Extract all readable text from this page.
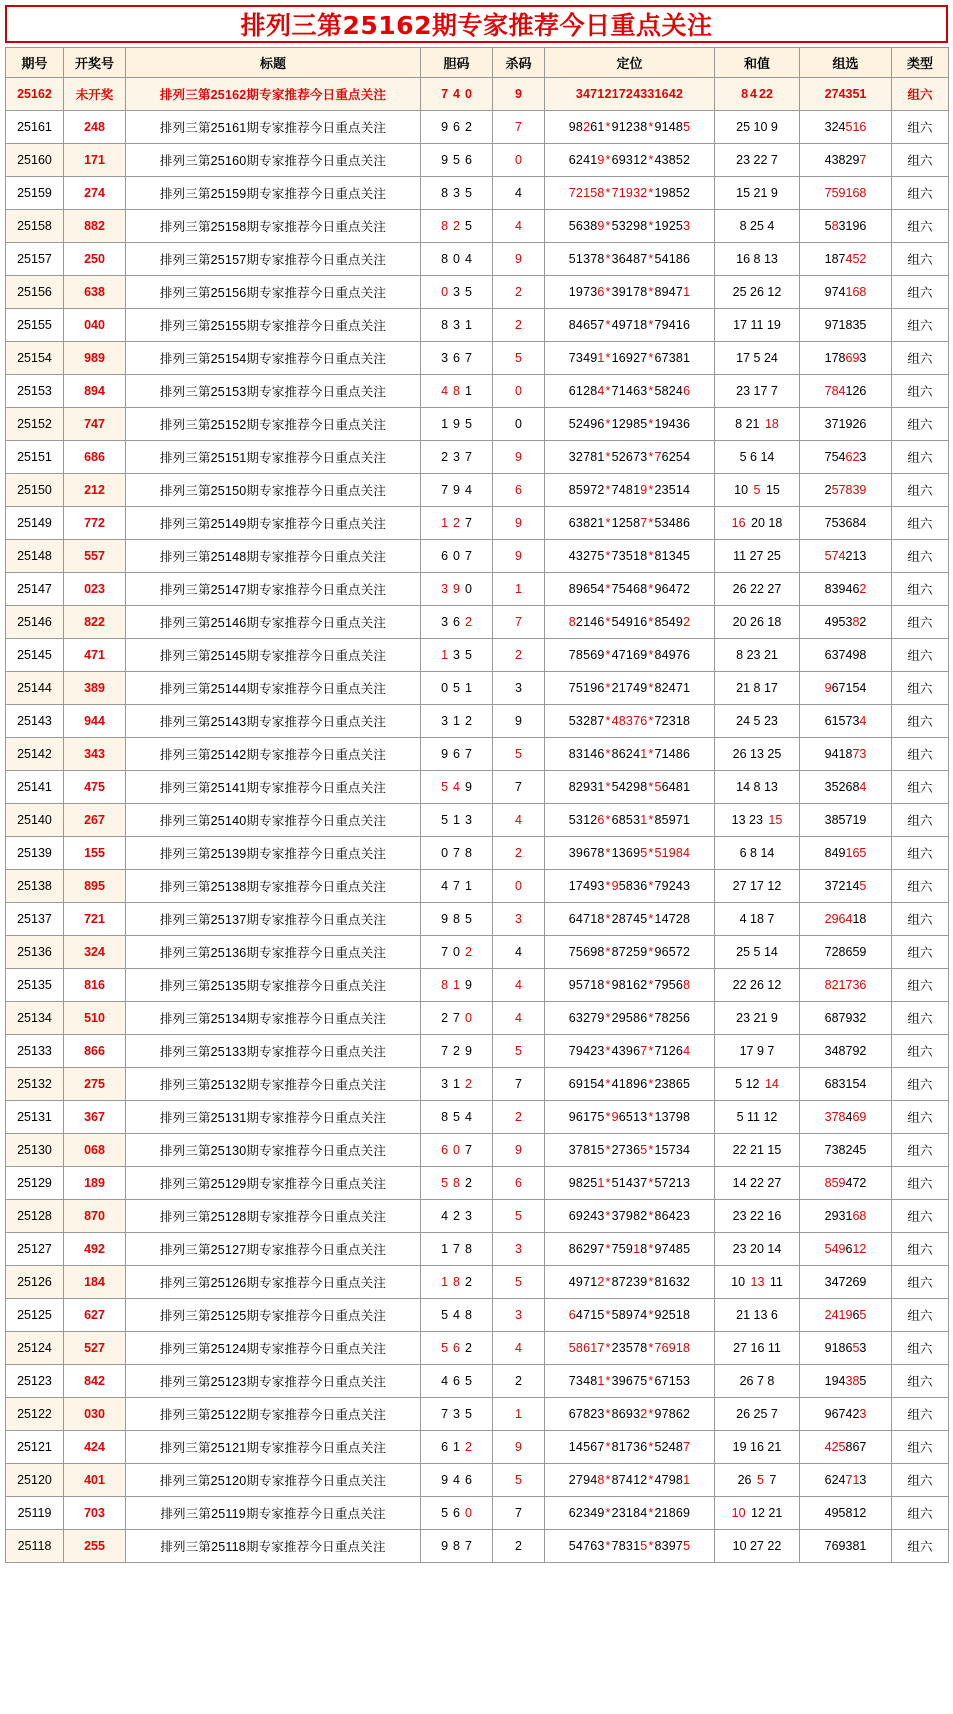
排列三第25162期专家推荐今日重点关注
期号	开奖号	标题	胆码	杀码	定位	和值	组选	类型
25162	未开奖	排列三第25162期专家推荐今日重点关注	7 4 0	9	347121724331642	8 4 22	274351	组六
25161	248	排列三第25161期专家推荐今日重点关注	9 6 2	7	98261*91238*91485	25 10 9	324516	组六
25160	171	排列三第25160期专家推荐今日重点关注	9 5 6	0	62419*69312*43852	23 22 7	438297	组六
25159	274	排列三第25159期专家推荐今日重点关注	8 3 5	4	72158*71932*19852	15 21 9	759168	组六
25158	882	排列三第25158期专家推荐今日重点关注	8 2 5	4	56389*53298*19253	8 25 4	583196	组六
25157	250	排列三第25157期专家推荐今日重点关注	8 0 4	9	51378*36487*54186	16 8 13	187452	组六
25156	638	排列三第25156期专家推荐今日重点关注	0 3 5	2	19736*39178*89471	25 26 12	974168	组六
25155	040	排列三第25155期专家推荐今日重点关注	8 3 1	2	84657*49718*79416	17 11 19	971835	组六
25154	989	排列三第25154期专家推荐今日重点关注	3 6 7	5	73491*16927*67381	17 5 24	178693	组六
25153	894	排列三第25153期专家推荐今日重点关注	4 8 1	0	61284*71463*58246	23 17 7	784126	组六
25152	747	排列三第25152期专家推荐今日重点关注	1 9 5	0	52496*12985*19436	8 21 18	371926	组六
25151	686	排列三第25151期专家推荐今日重点关注	2 3 7	9	32781*52673*76254	5 6 14	754623	组六
25150	212	排列三第25150期专家推荐今日重点关注	7 9 4	6	85972*74819*23514	10 5 15	257839	组六
25149	772	排列三第25149期专家推荐今日重点关注	1 2 7	9	63821*12587*53486	16 20 18	753684	组六
25148	557	排列三第25148期专家推荐今日重点关注	6 0 7	9	43275*73518*81345	11 27 25	574213	组六
25147	023	排列三第25147期专家推荐今日重点关注	3 9 0	1	89654*75468*96472	26 22 27	839462	组六
25146	822	排列三第25146期专家推荐今日重点关注	3 6 2	7	82146*54916*85492	20 26 18	495382	组六
25145	471	排列三第25145期专家推荐今日重点关注	1 3 5	2	78569*47169*84976	8 23 21	637498	组六
25144	389	排列三第25144期专家推荐今日重点关注	0 5 1	3	75196*21749*82471	21 8 17	967154	组六
25143	944	排列三第25143期专家推荐今日重点关注	3 1 2	9	53287*48376*72318	24 5 23	615734	组六
25142	343	排列三第25142期专家推荐今日重点关注	9 6 7	5	83146*86241*71486	26 13 25	941873	组六
25141	475	排列三第25141期专家推荐今日重点关注	5 4 9	7	82931*54298*56481	14 8 13	352684	组六
25140	267	排列三第25140期专家推荐今日重点关注	5 1 3	4	53126*68531*85971	13 23 15	385719	组六
25139	155	排列三第25139期专家推荐今日重点关注	0 7 8	2	39678*13695*51984	6 8 14	849165	组六
25138	895	排列三第25138期专家推荐今日重点关注	4 7 1	0	17493*95836*79243	27 17 12	372145	组六
25137	721	排列三第25137期专家推荐今日重点关注	9 8 5	3	64718*28745*14728	4 18 7	296418	组六
25136	324	排列三第25136期专家推荐今日重点关注	7 0 2	4	75698*87259*96572	25 5 14	728659	组六
25135	816	排列三第25135期专家推荐今日重点关注	8 1 9	4	95718*98162*79568	22 26 12	821736	组六
25134	510	排列三第25134期专家推荐今日重点关注	2 7 0	4	63279*29586*78256	23 21 9	687932	组六
25133	866	排列三第25133期专家推荐今日重点关注	7 2 9	5	79423*43967*71264	17 9 7	348792	组六
25132	275	排列三第25132期专家推荐今日重点关注	3 1 2	7	69154*41896*23865	5 12 14	683154	组六
25131	367	排列三第25131期专家推荐今日重点关注	8 5 4	2	96175*96513*13798	5 11 12	378469	组六
25130	068	排列三第25130期专家推荐今日重点关注	6 0 7	9	37815*27365*15734	22 21 15	738245	组六
25129	189	排列三第25129期专家推荐今日重点关注	5 8 2	6	98251*51437*57213	14 22 27	859472	组六
25128	870	排列三第25128期专家推荐今日重点关注	4 2 3	5	69243*37982*86423	23 22 16	293168	组六
25127	492	排列三第25127期专家推荐今日重点关注	1 7 8	3	86297*75918*97485	23 20 14	549612	组六
25126	184	排列三第25126期专家推荐今日重点关注	1 8 2	5	49712*87239*81632	10 13 11	347269	组六
25125	627	排列三第25125期专家推荐今日重点关注	5 4 8	3	64715*58974*92518	21 13 6	241965	组六
25124	527	排列三第25124期专家推荐今日重点关注	5 6 2	4	58617*23578*76918	27 16 11	918653	组六
25123	842	排列三第25123期专家推荐今日重点关注	4 6 5	2	73481*39675*67153	26 7 8	194385	组六
25122	030	排列三第25122期专家推荐今日重点关注	7 3 5	1	67823*86932*97862	26 25 7	967423	组六
25121	424	排列三第25121期专家推荐今日重点关注	6 1 2	9	14567*81736*52487	19 16 21	425867	组六
25120	401	排列三第25120期专家推荐今日重点关注	9 4 6	5	27948*87412*47981	26 5 7	624713	组六
25119	703	排列三第25119期专家推荐今日重点关注	5 6 0	7	62349*23184*21869	10 12 21	495812	组六
25118	255	排列三第25118期专家推荐今日重点关注	9 8 7	2	54763*78315*83975	10 27 22	769381	组六
